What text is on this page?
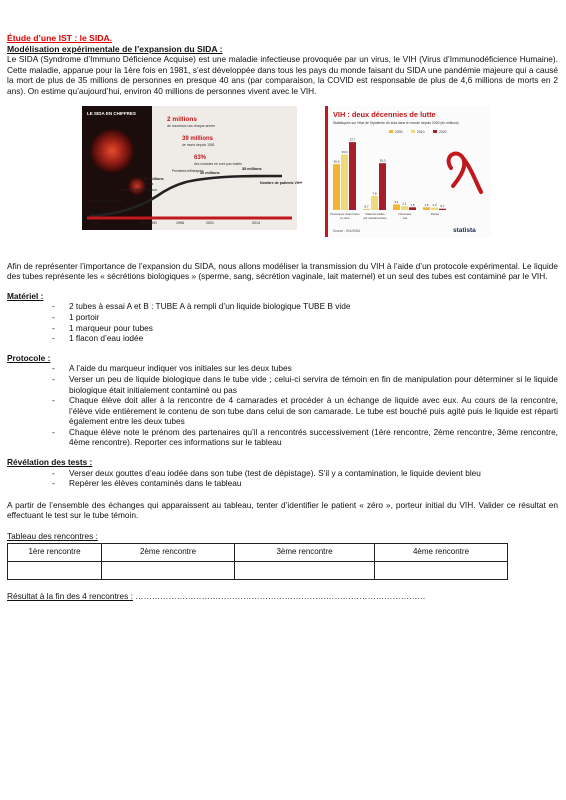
Étude d’une IST : le SIDA.
Modélisation expérimentale de l’expansion du SIDA :
Le SIDA (Syndrome d’Immuno Déficience Acquise) est une maladie infectieuse provoquée par un virus, le VIH (Virus d’Immunodéficience Humaine). Cette maladie, apparue pour la 1ère fois en 1981, s’est développée dans tous les pays du monde faisant du SIDA une pandémie majeure qui a causé la mort de plus de 35 millions de personnes en presque 40 ans (par comparaison, la COVID est responsable de plus de 4,6 millions de morts en 2 ans). On estime qu’aujourd’hui, environ 40 millions de personnes vivent avec le VIH.
LE SIDA EN CHIFFRES
2 millions
de nouveaux cas chaque année
39 millions
de morts depuis 1981
63%
des malades ne sont pas traités
1981	1990 1991	1996	2001	2014
Premiers cas aux USA
VIH isolé à l'Institut Pasteur
10 millions
de cas
Premières trithérapies
30 millions
35 millions
Nombre de patients VIH+
VIH : deux décennies de lutte
Statistiques sur l'état de l'épidémie de sida dans le monde depuis 2000 (en millions)
2000	2010	2020
30,6
33,0
37,7
0,7
7,8
26,0
3,1 2,1 1,5	1,6 1,3 0,7
Personnes vivant avec
le virus
Patients traités
par antirétroviraux
Nouveaux
cas
Décès
Source : ONUSIDA	statista
Afin de représenter l’importance de l’expansion du SIDA, nous allons modéliser la transmission du VIH à l’aide d’un protocole expérimental. Le liquide des tubes représente les « sécrétions biologiques » (sperme, sang, sécrétion vaginale, lait maternel) et un seul des tubes est contaminé par le VIH.
Matériel :
- 2 tubes à essai A et B : TUBE A à rempli d’un liquide biologique TUBE B vide
- 1 portoir
- 1 marqueur pour tubes
- 1 flacon d’eau iodée
Protocole :
- A l’aide du marqueur indiquer vos initiales sur les deux tubes
- Verser un peu de liquide biologique dans le tube vide ; celui-ci servira de témoin en fin de manipulation pour déterminer si le liquide biologique était initialement contaminé ou pas
- Chaque élève doit aller à la rencontre de 4 camarades et procéder à un échange de liquide avec eux. Au cours de la rencontre, l’élève vide entièrement le contenu de son tube dans celui de son camarade. Le tube est bouché puis agité puis le liquide est réparti également entre les deux tubes
- Chaque élève note le prénom des partenaires qu’il a rencontrés successivement (1ère rencontre, 2ème rencontre, 3ème rencontre, 4ème rencontre). Reporter ces informations sur le tableau
Révélation des tests :
- Verser deux gouttes d’eau iodée dans son tube (test de dépistage). S’il y a contamination, le liquide devient bleu
- Repérer les élèves contaminés dans le tableau
A partir de l’ensemble des échanges qui apparaissent au tableau, tenter d’identifier le patient « zéro », porteur initial du VIH. Valider ce résultat en effectuant le test sur le tube témoin.
Tableau des rencontres :
1ère rencontre	2ème rencontre	3ème rencontre	4ème rencontre

Résultat à la fin des 4 rencontres : ……………………………………………………………………………………………
